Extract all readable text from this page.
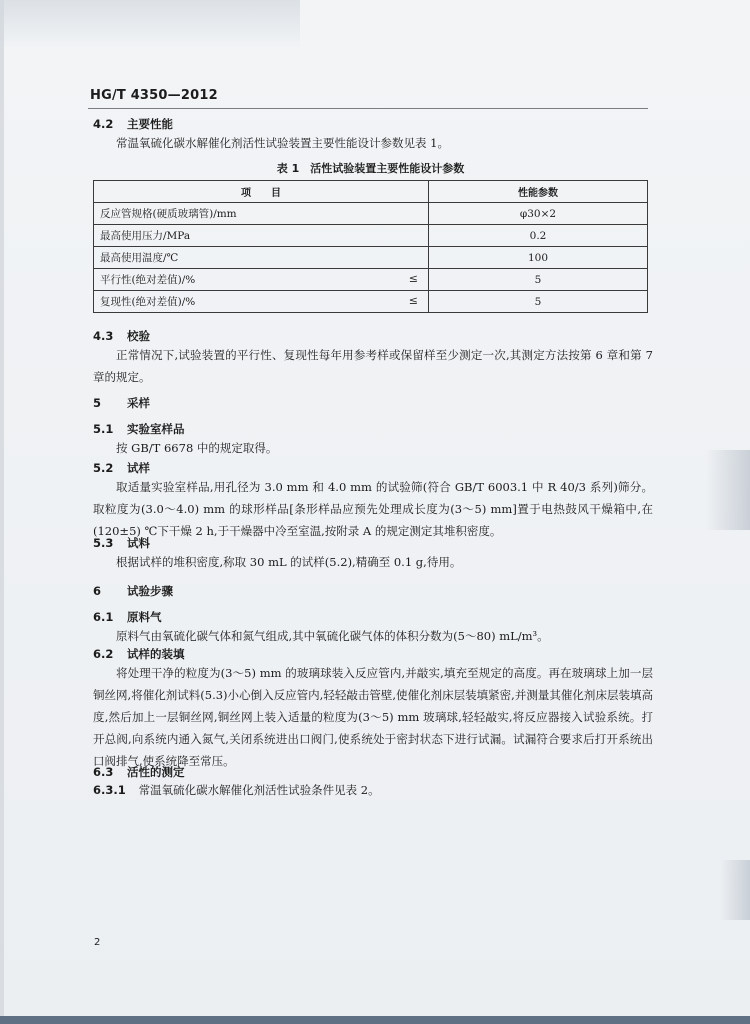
HG/T 4350—2012
4.2 主要性能

常温氧硫化碳水解催化剂活性试验装置主要性能设计参数见表 1。

表 1　活性试验装置主要性能设计参数
项　　目	性能参数
反应管规格(硬质玻璃管)/mm	φ30×2
最高使用压力/MPa	0.2
最高使用温度/℃	100
平行性(绝对差值)/% ≤	5
复现性(绝对差值)/% ≤	5
4.3 校验

正常情况下,试验装置的平行性、复现性每年用参考样或保留样至少测定一次,其测定方法按第 6 章和第 7 章的规定。

5 采样
5.1 实验室样品

按 GB/T 6678 中的规定取得。

5.2 试样

取适量实验室样品,用孔径为 3.0 mm 和 4.0 mm 的试验筛(符合 GB/T 6003.1 中 R 40/3 系列)筛分。取粒度为(3.0～4.0) mm 的球形样品[条形样品应预先处理成长度为(3～5) mm]置于电热鼓风干燥箱中,在(120±5) ℃下干燥 2 h,于干燥器中冷至室温,按附录 A 的规定测定其堆积密度。

5.3 试料

根据试样的堆积密度,称取 30 mL 的试样(5.2),精确至 0.1 g,待用。

6 试验步骤
6.1 原料气

原料气由氧硫化碳气体和氮气组成,其中氧硫化碳气体的体积分数为(5～80) mL/m³。

6.2 试样的装填

将处理干净的粒度为(3～5) mm 的玻璃球装入反应管内,并敲实,填充至规定的高度。再在玻璃球上加一层铜丝网,将催化剂试料(5.3)小心倒入反应管内,轻轻敲击管壁,使催化剂床层装填紧密,并测量其催化剂床层装填高度,然后加上一层铜丝网,铜丝网上装入适量的粒度为(3～5) mm 玻璃球,轻轻敲实,将反应器接入试验系统。打开总阀,向系统内通入氮气,关闭系统进出口阀门,使系统处于密封状态下进行试漏。试漏符合要求后打开系统出口阀排气,使系统降至常压。

6.3 活性的测定
6.3.1 常温氧硫化碳水解催化剂活性试验条件见表 2。
2
